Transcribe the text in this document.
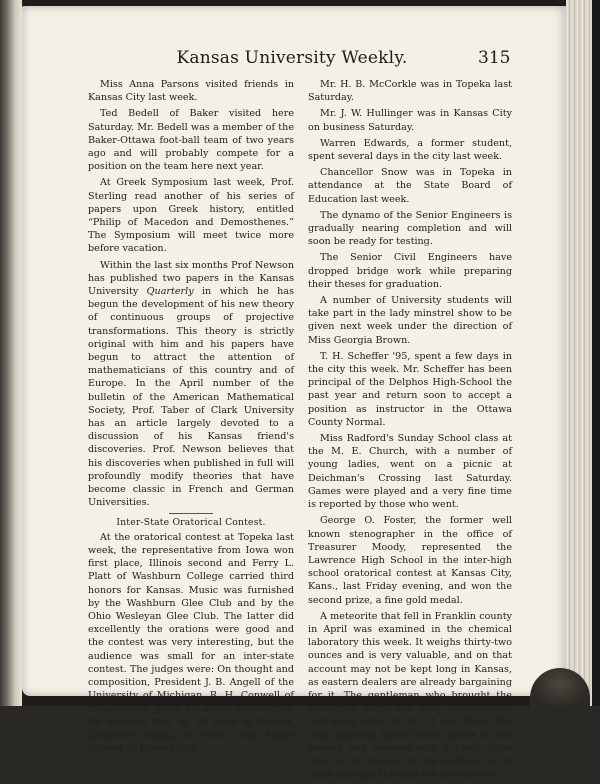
Kansas University Weekly.	315

Miss Anna Parsons visited friends in Kansas City last week.

Ted Bedell of Baker visited here Saturday. Mr. Bedell was a member of the Baker-Ottawa foot-ball team of two years ago and will probably compete for a position on the team here next year.

At Greek Symposium last week, Prof. Sterling read another of his series of papers upon Greek history, entitled “Philip of Macedon and Demosthenes.” The Symposium will meet twice more before vacation.

Within the last six months Prof Newson has published two papers in the Kansas University Quarterly in which he has begun the development of his new theory of continuous groups of projective transformations. This theory is strictly original with him and his papers have begun to attract the attention of mathematicians of this country and of Europe. In the April number of the bulletin of the American Mathematical Society, Prof. Taber of Clark University has an article largely devoted to a discussion of his Kansas friend's discoveries. Prof. Newson believes that his discoveries when published in full will profoundly modify theories that have become classic in French and German Universities.

Inter-State Oratorical Contest.

At the oratorical contest at Topeka last week, the representative from Iowa won first place, Illinois second and Ferry L. Platt of Washburn College carried third honors for Kansas. Music was furnished by the Washburn Glee Club and by the Ohio Wesleyan Glee Club. The latter did excellently the orations were good and the contest was very interesting, but the audience was small for an inter-state contest. The judges were: On thought and composition, President J. B. Angell of the University of Michigan, R. H. Conwell of Philadelphia, John T. Graves of Georgia. On delivery, Rev. M. W. Reed of Denver, Lafayette Young, of Iowa, and Major Warner of Kansas City.

Mr. H. B. McCorkle was in Topeka last Saturday.

Mr. J. W. Hullinger was in Kansas City on business Saturday.

Warren Edwards, a former student, spent several days in the city last week.

Chancellor Snow was in Topeka in attendance at the State Board of Education last week.

The dynamo of the Senior Engineers is gradually nearing completion and will soon be ready for testing.

The Senior Civil Engineers have dropped bridge work while preparing their theses for graduation.

A number of University students will take part in the lady minstrel show to be given next week under the direction of Miss Georgia Brown.

T. H. Scheffer '95, spent a few days in the city this week. Mr. Scheffer has been principal of the Delphos High-School the past year and return soon to accept a position as instructor in the Ottawa County Normal.

Miss Radford's Sunday School class at the M. E. Church, with a number of young ladies, went on a picnic at Deichman's Crossing last Saturday. Games were played and a very fine time is reported by those who went.

George O. Foster, the former well known stenographer in the office of Treasurer Moody, represented the Lawrence High School in the inter-high school oratorical contest at Kansas City, Kans., last Friday evening, and won the second prize, a fine gold medal.

A meteorite that fell in Franklin county in April was examined in the chemical laboratory this week. It weighs thirty-two ounces and is very valuable, and on that account may not be kept long in Kansas, as eastern dealers are already bargaining for it. The gentleman who brought the meteorite here was only two-hundred feet away when it fell. It was found the next morning buried nine inches in the ground and covered with a black crust due to the fusion of the surface in its rapid passage through the atmosphere.
